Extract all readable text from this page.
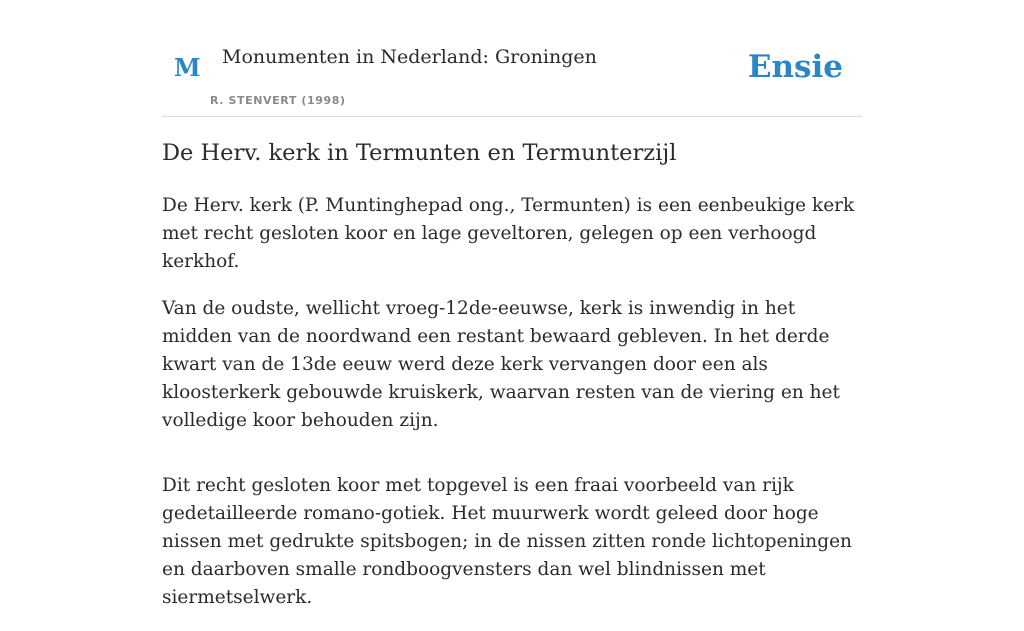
M Monumenten in Nederland: Groningen
R. STENVERT (1998)
Ensie
De Herv. kerk in Termunten en Termunterzijl

De Herv. kerk (P. Muntinghepad ong., Termunten) is een eenbeukige kerk met recht gesloten koor en lage geveltoren, gelegen op een verhoogd kerkhof.

Van de oudste, wellicht vroeg-12de-eeuwse, kerk is inwendig in het midden van de noordwand een restant bewaard gebleven. In het derde kwart van de 13de eeuw werd deze kerk vervangen door een als kloosterkerk gebouwde kruiskerk, waarvan resten van de viering en het volledige koor behouden zijn.

Dit recht gesloten koor met topgevel is een fraai voorbeeld van rijk gedetailleerde romano-gotiek. Het muurwerk wordt geleed door hoge nissen met gedrukte spitsbogen; in de nissen zitten ronde lichtopeningen en daarboven smalle rondboogvensters dan wel blindnissen met siermetselwerk.
